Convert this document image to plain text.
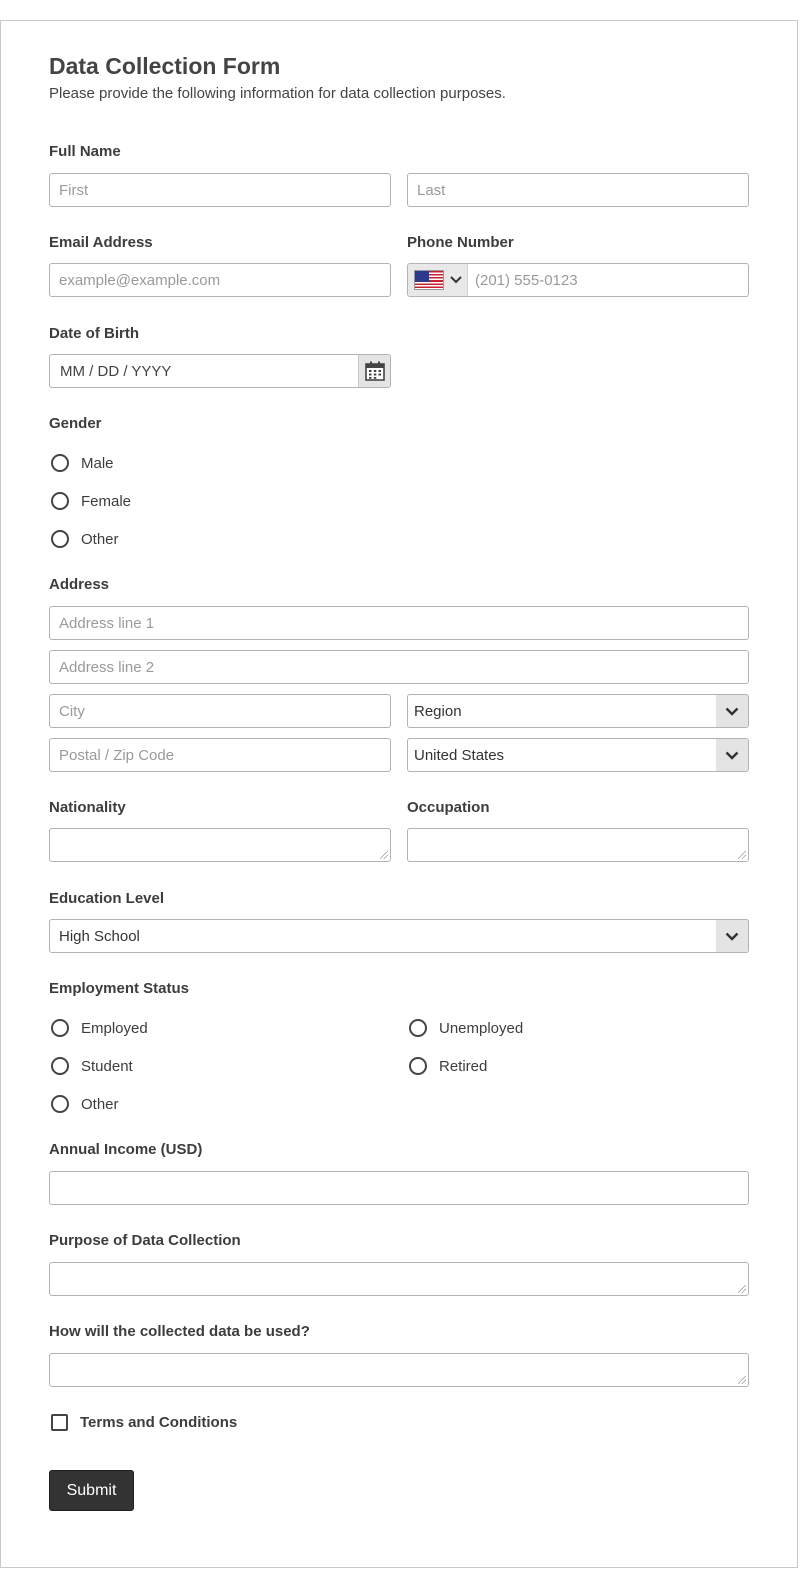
Data Collection Form

Please provide the following information for data collection purposes.

Full Name
First	Last
Email Address
example@example.com
Phone Number
(201) 555-0123
Date of Birth
MM / DD / YYYY
Gender
Male
Female
Other
Address
Address line 1
Address line 2
City	Region
Postal / Zip Code	United States
Nationality	Occupation
Education Level
High School
Employment Status
Employed	Unemployed
Student	Retired
Other
Annual Income (USD)
Purpose of Data Collection
How will the collected data be used?
Terms and Conditions
Submit
